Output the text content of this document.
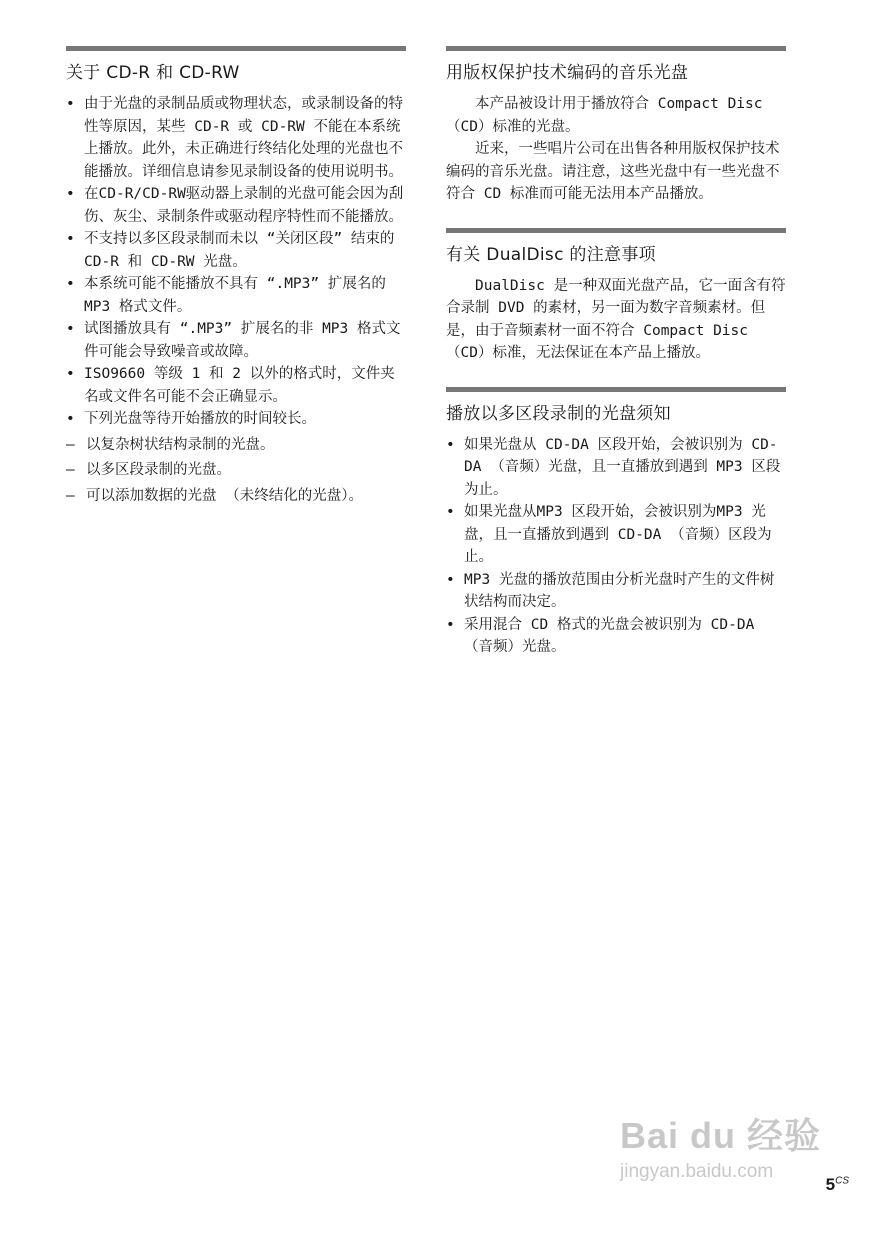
关于 CD-R 和 CD-RW
• 由于光盘的录制品质或物理状态，或录制设备的特性等原因，某些 CD-R 或 CD-RW 不能在本系统上播放。此外，未正确进行终结化处理的光盘也不能播放。详细信息请参见录制设备的使用说明书。
• 在CD-R/CD-RW驱动器上录制的光盘可能会因为刮伤、灰尘、录制条件或驱动程序特性而不能播放。
• 不支持以多区段录制而未以 “关闭区段” 结束的 CD-R 和 CD-RW 光盘。
• 本系统可能不能播放不具有 “.MP3” 扩展名的 MP3 格式文件。
• 试图播放具有 “.MP3” 扩展名的非 MP3 格式文件可能会导致噪音或故障。
• ISO9660 等级 1 和 2 以外的格式时，文件夹名或文件名可能不会正确显示。
• 下列光盘等待开始播放的时间较长。
– 以复杂树状结构录制的光盘。
– 以多区段录制的光盘。
– 可以添加数据的光盘 （未终结化的光盘）。
用版权保护技术编码的音乐光盘

本产品被设计用于播放符合 Compact Disc （CD）标准的光盘。

近来，一些唱片公司在出售各种用版权保护技术编码的音乐光盘。请注意，这些光盘中有一些光盘不符合 CD 标准而可能无法用本产品播放。

有关 DualDisc 的注意事项

DualDisc 是一种双面光盘产品，它一面含有符合录制 DVD 的素材，另一面为数字音频素材。但是，由于音频素材一面不符合 Compact Disc （CD）标准，无法保证在本产品上播放。

播放以多区段录制的光盘须知
• 如果光盘从 CD-DA 区段开始，会被识别为 CD-DA （音频）光盘，且一直播放到遇到 MP3 区段为止。
• 如果光盘从MP3 区段开始，会被识别为MP3 光盘，且一直播放到遇到 CD-DA （音频）区段为止。
• MP3 光盘的播放范围由分析光盘时产生的文件树状结构而决定。
• 采用混合 CD 格式的光盘会被识别为 CD-DA （音频）光盘。
Bai du 经验
jingyan.baidu.com
$5^{CS}$
